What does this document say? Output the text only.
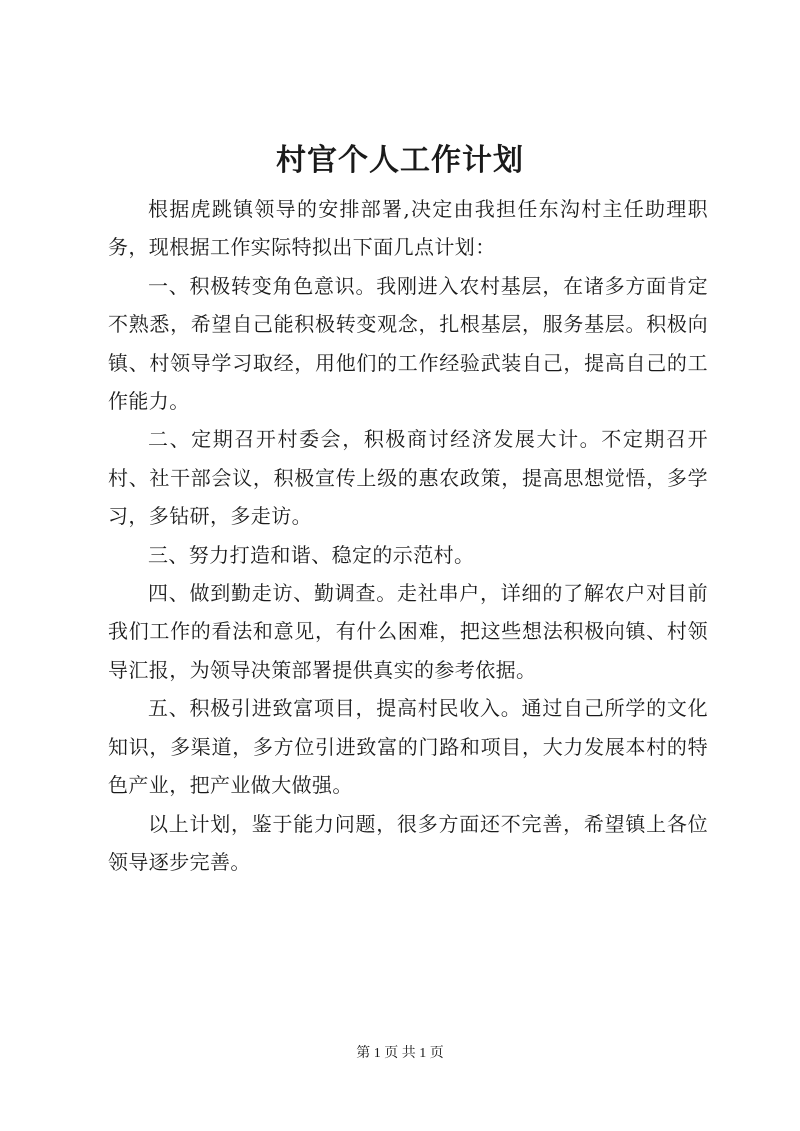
村官个人工作计划

根据虎跳镇领导的安排部署,决定由我担任东沟村主任助理职务，现根据工作实际特拟出下面几点计划：

一、积极转变角色意识。我刚进入农村基层，在诸多方面肯定不熟悉，希望自己能积极转变观念，扎根基层，服务基层。积极向镇、村领导学习取经，用他们的工作经验武装自己，提高自己的工作能力。

二、定期召开村委会，积极商讨经济发展大计。不定期召开村、社干部会议，积极宣传上级的惠农政策，提高思想觉悟，多学习，多钻研，多走访。

三、努力打造和谐、稳定的示范村。

四、做到勤走访、勤调查。走社串户，详细的了解农户对目前我们工作的看法和意见，有什么困难，把这些想法积极向镇、村领导汇报，为领导决策部署提供真实的参考依据。

五、积极引进致富项目，提高村民收入。通过自己所学的文化知识，多渠道，多方位引进致富的门路和项目，大力发展本村的特色产业，把产业做大做强。

以上计划，鉴于能力问题，很多方面还不完善，希望镇上各位领导逐步完善。

第 1 页 共 1 页
